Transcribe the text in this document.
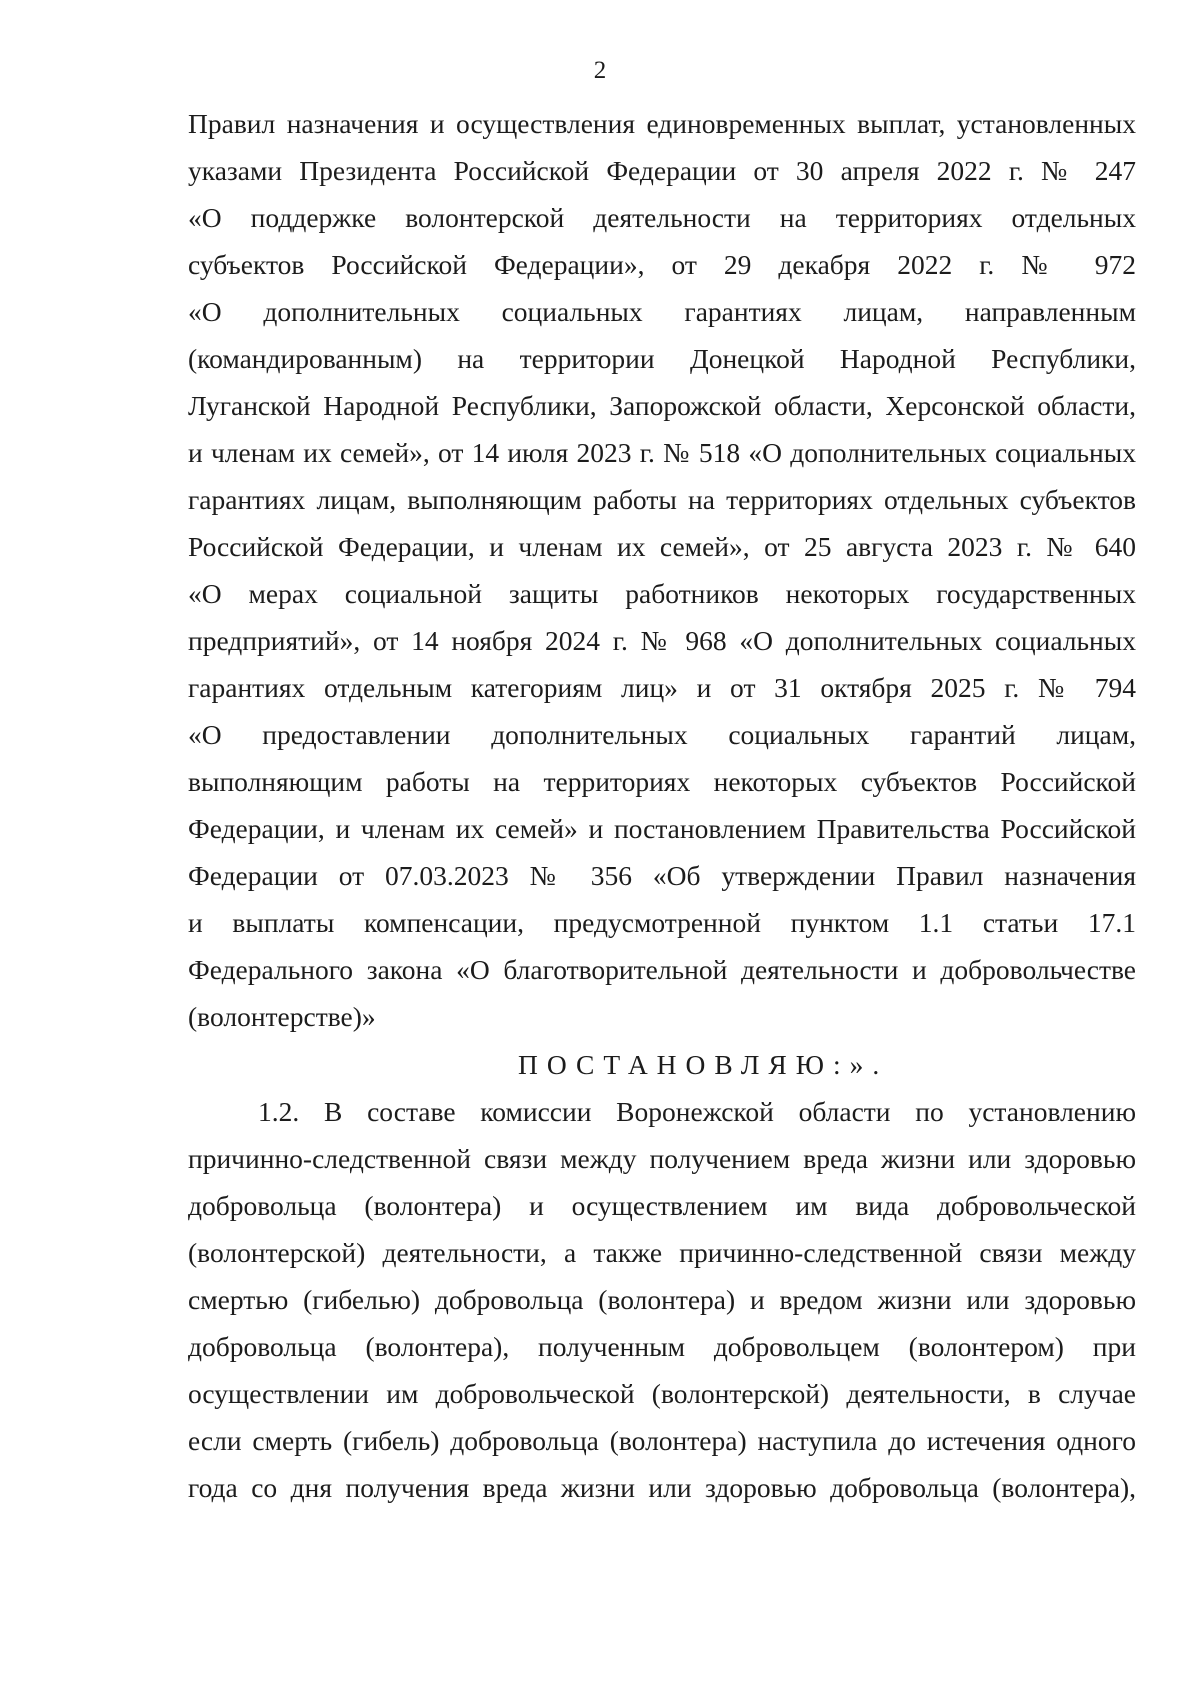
2
Правил назначения и осуществления единовременных выплат, установленных
указами Президента Российской Федерации от 30 апреля 2022 г. № 247
«О поддержке волонтерской деятельности на территориях отдельных
субъектов Российской Федерации», от 29 декабря 2022 г. № 972
«О дополнительных социальных гарантиях лицам, направленным
(командированным) на территории Донецкой Народной Республики,
Луганской Народной Республики, Запорожской области, Херсонской области,
и членам их семей», от 14 июля 2023 г. № 518 «О дополнительных социальных
гарантиях лицам, выполняющим работы на территориях отдельных субъектов
Российской Федерации, и членам их семей», от 25 августа 2023 г. № 640
«О мерах социальной защиты работников некоторых государственных
предприятий», от 14 ноября 2024 г. № 968 «О дополнительных социальных
гарантиях отдельным категориям лиц» и от 31 октября 2025 г. № 794
«О предоставлении дополнительных социальных гарантий лицам,
выполняющим работы на территориях некоторых субъектов Российской
Федерации, и членам их семей» и постановлением Правительства Российской
Федерации от 07.03.2023 № 356 «Об утверждении Правил назначения
и выплаты компенсации, предусмотренной пунктом 1.1 статьи 17.1
Федерального закона «О благотворительной деятельности и добровольчестве
(волонтерстве)»
ПОСТАНОВЛЯЮ:».
1.2. В составе комиссии Воронежской области по установлению
причинно-следственной связи между получением вреда жизни или здоровью
добровольца (волонтера) и осуществлением им вида добровольческой
(волонтерской) деятельности, а также причинно-следственной связи между
смертью (гибелью) добровольца (волонтера) и вредом жизни или здоровью
добровольца (волонтера), полученным добровольцем (волонтером) при
осуществлении им добровольческой (волонтерской) деятельности, в случае
если смерть (гибель) добровольца (волонтера) наступила до истечения одного
года со дня получения вреда жизни или здоровью добровольца (волонтера),
